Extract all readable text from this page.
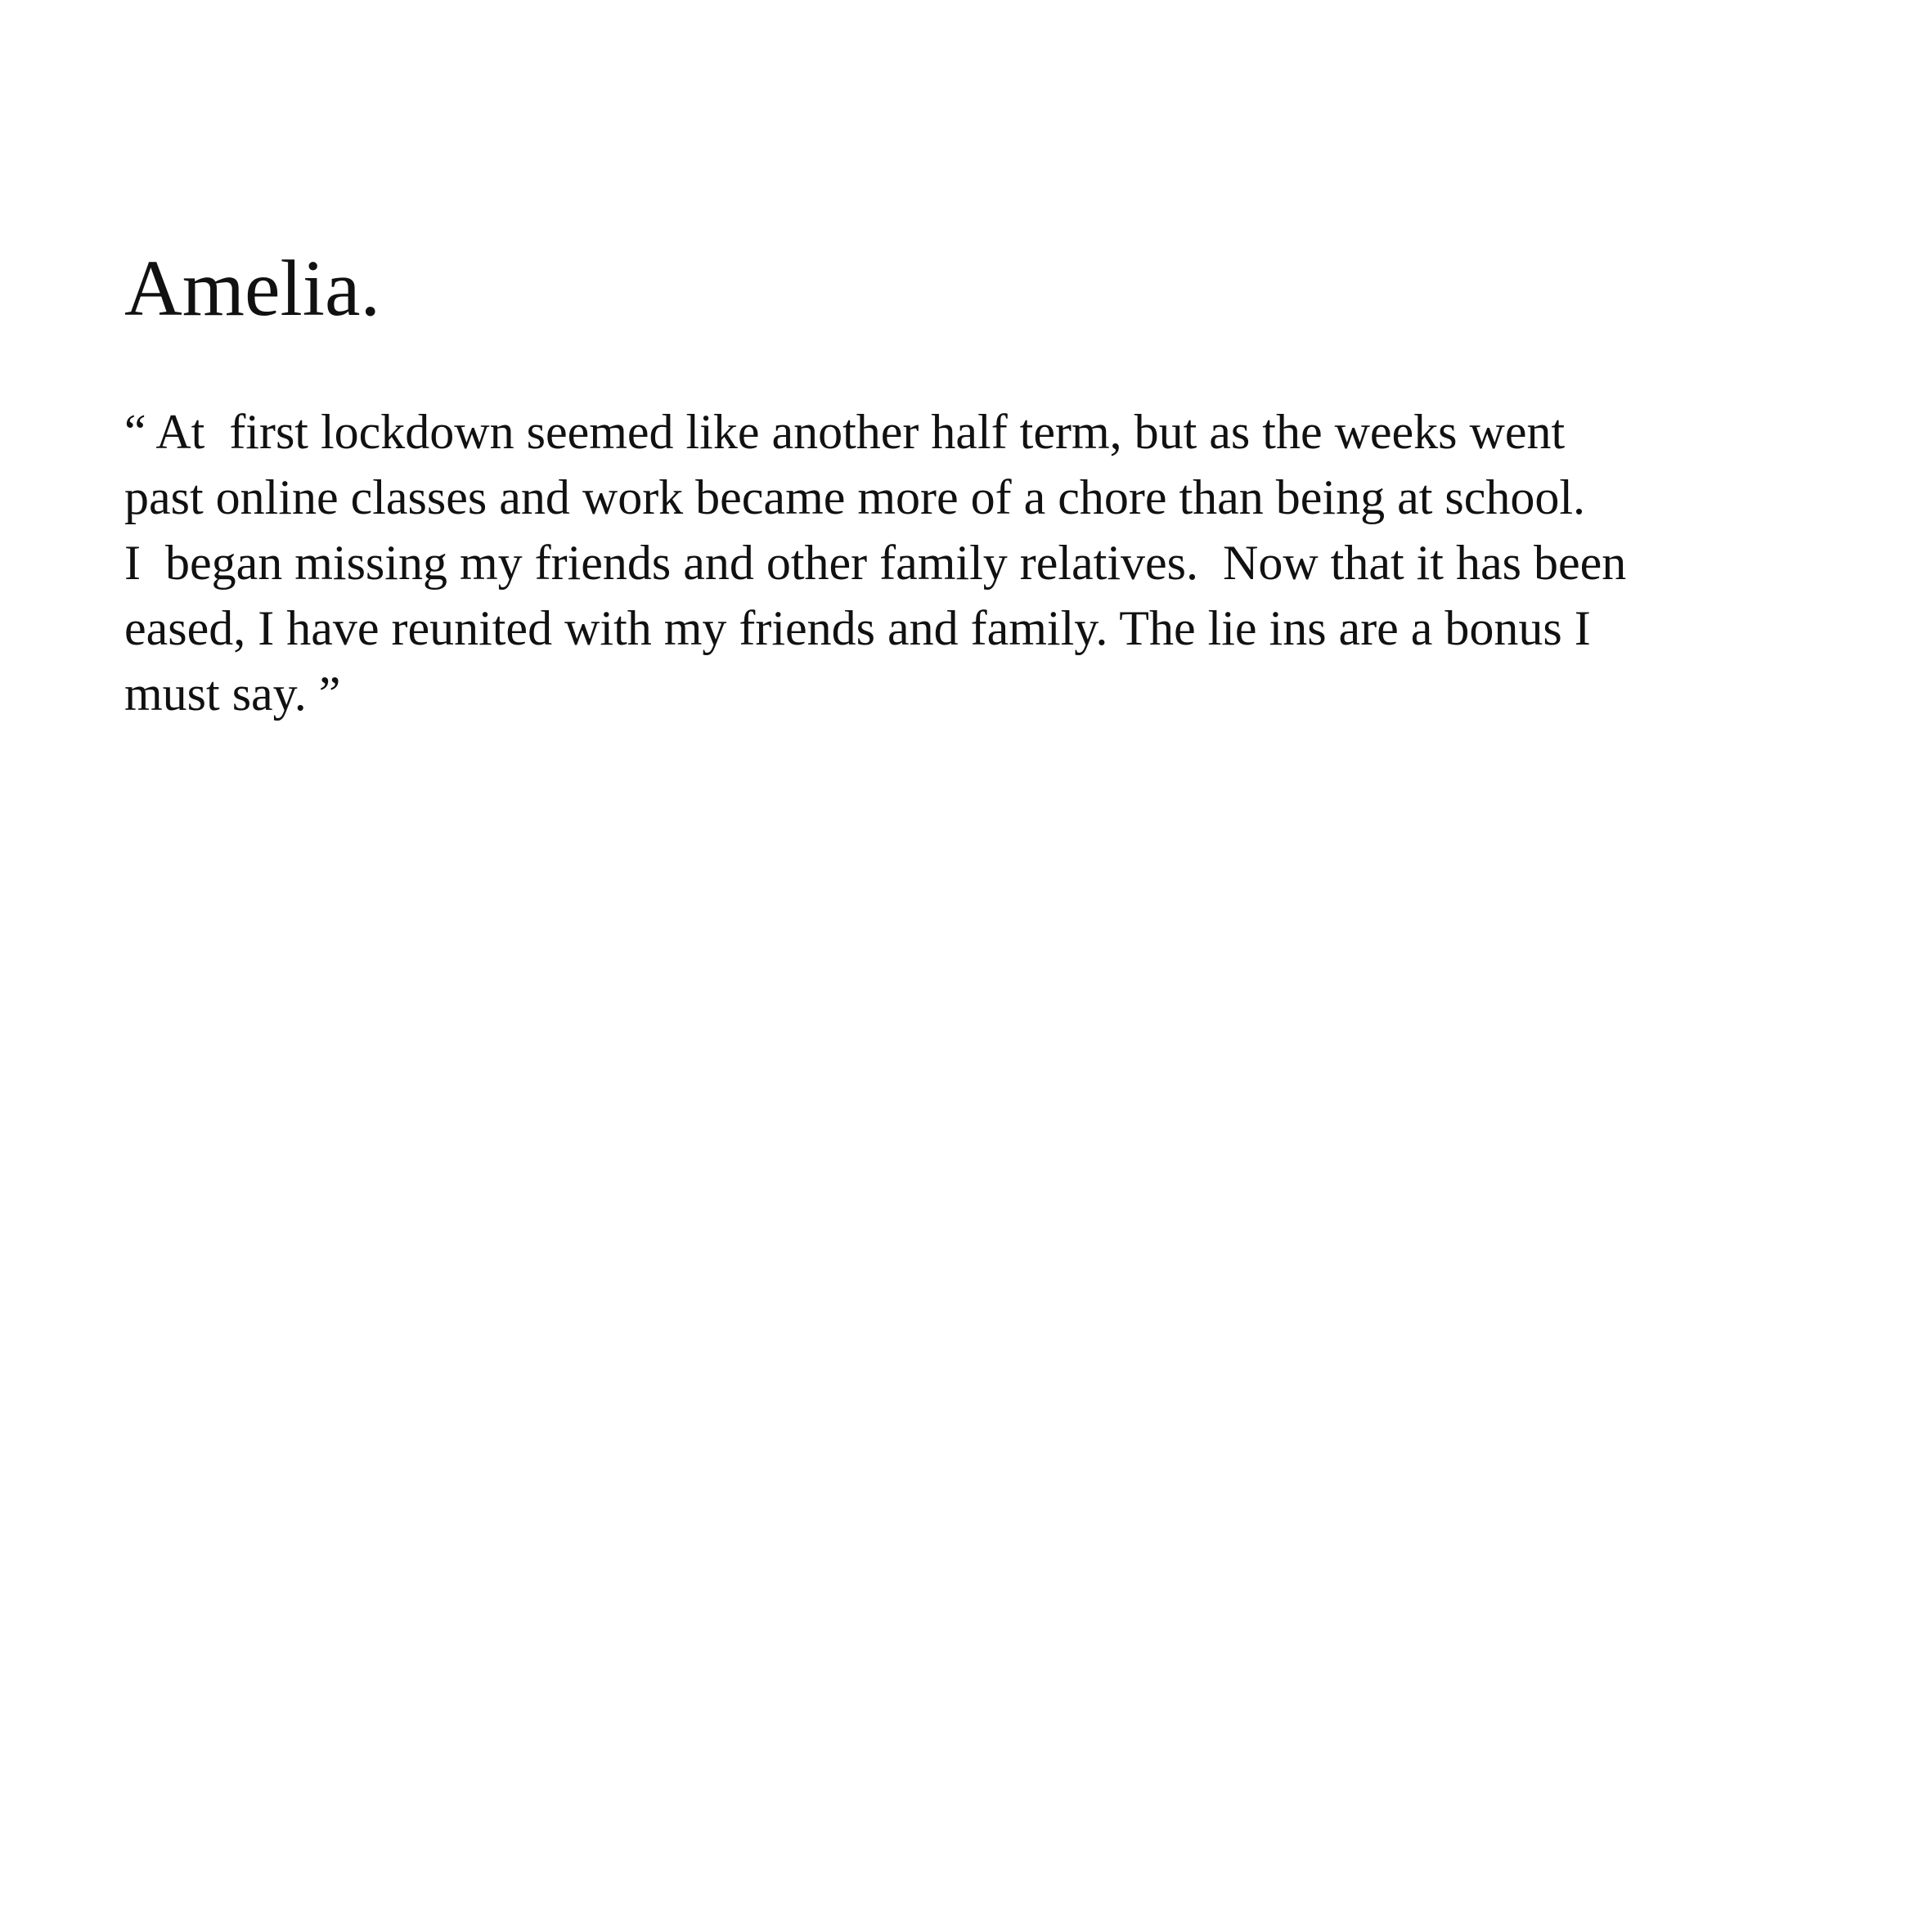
Amelia.

“ At  first lockdown seemed like another half term, but as the weeks went
past online classes and work became more of a chore than being at school.
I  began missing my friends and other family relatives.  Now that it has been
eased, I have reunited with my friends and family. The lie ins are a bonus I
must say. ”
